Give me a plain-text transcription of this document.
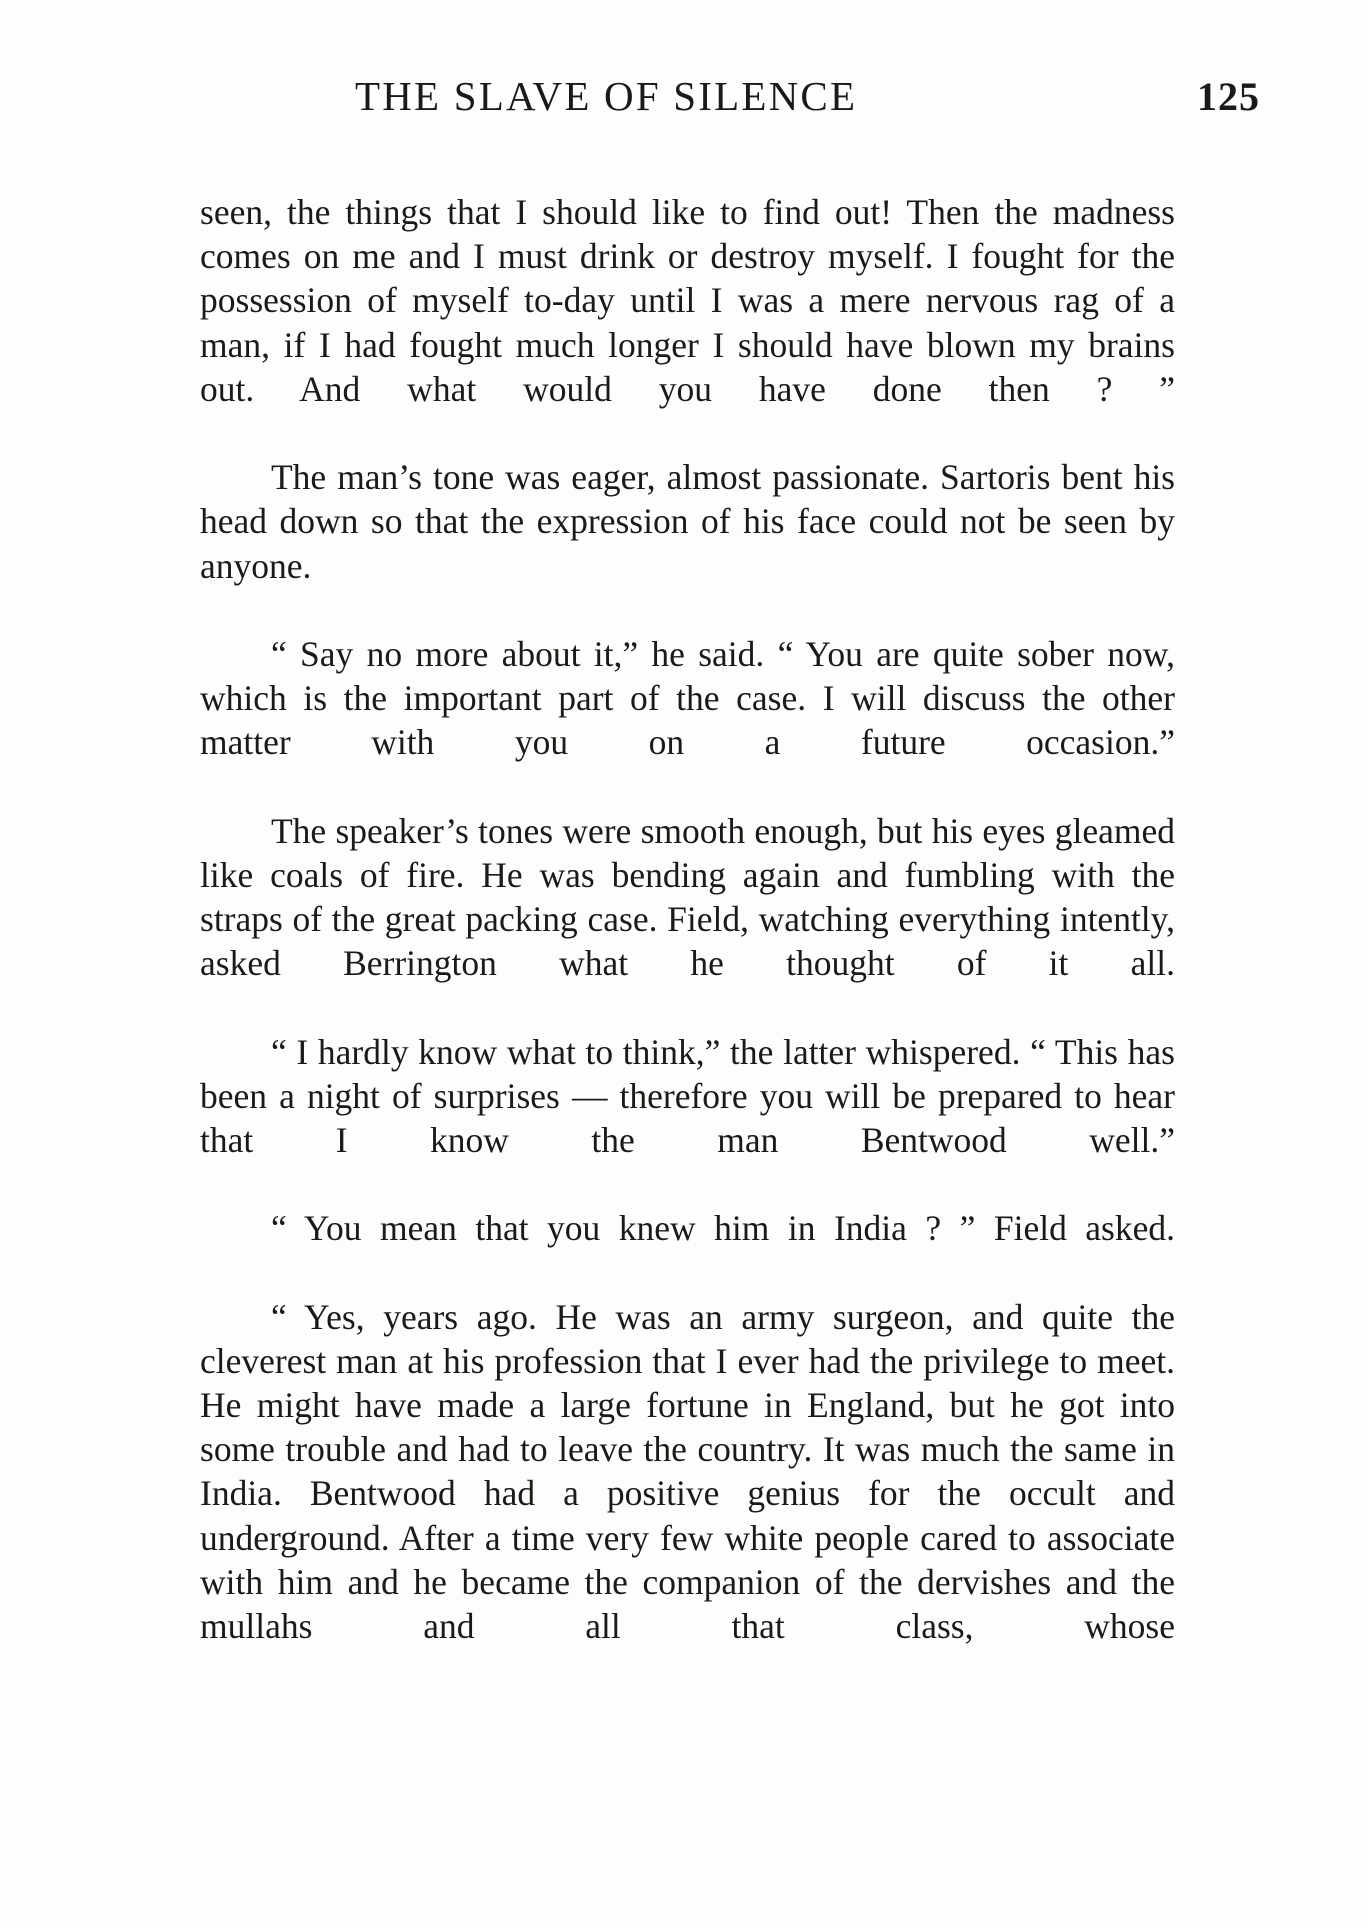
THE SLAVE OF SILENCE	125

seen, the things that I should like to find out! Then the madness comes on me and I must drink or destroy myself. I fought for the possession of myself to-day until I was a mere nervous rag of a man, if I had fought much longer I should have blown my brains out. And what would you have done then ? ”

The man’s tone was eager, almost passionate. Sartoris bent his head down so that the expression of his face could not be seen by anyone.

“ Say no more about it,” he said. “ You are quite sober now, which is the important part of the case. I will discuss the other matter with you on a future occasion.”

The speaker’s tones were smooth enough, but his eyes gleamed like coals of fire. He was bending again and fumbling with the straps of the great packing case. Field, watching everything intently, asked Berrington what he thought of it all.

“ I hardly know what to think,” the latter whispered. “ This has been a night of surprises — therefore you will be prepared to hear that I know the man Bentwood well.”

“ You mean that you knew him in India ? ” Field asked.

“ Yes, years ago. He was an army surgeon, and quite the cleverest man at his profession that I ever had the privilege to meet. He might have made a large fortune in England, but he got into some trouble and had to leave the country. It was much the same in India. Bentwood had a positive genius for the occult and underground. After a time very few white people cared to associate with him and he became the companion of the dervishes and the mullahs and all that class, whose
